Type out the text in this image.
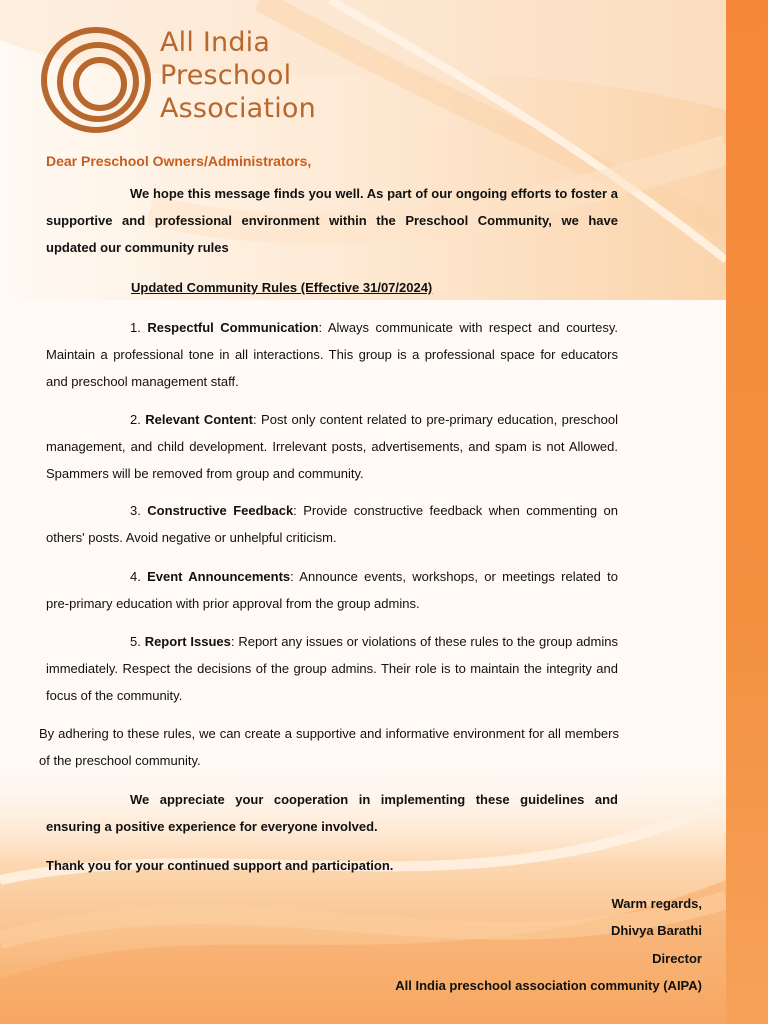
All India
Preschool
Association
Dear Preschool Owners/Administrators,
We hope this message finds you well. As part of our ongoing efforts to foster a supportive and professional environment within the Preschool Community, we have updated our community rules
Updated Community Rules (Effective 31/07/2024)
1. Respectful Communication: Always communicate with respect and courtesy. Maintain a professional tone in all interactions. This group is a professional space for educators and preschool management staff.
2. Relevant Content: Post only content related to pre-primary education, preschool management, and child development. Irrelevant posts, advertisements, and spam is not Allowed. Spammers will be removed from group and community.
3. Constructive Feedback: Provide constructive feedback when commenting on others' posts. Avoid negative or unhelpful criticism.
4. Event Announcements: Announce events, workshops, or meetings related to pre-primary education with prior approval from the group admins.
5. Report Issues: Report any issues or violations of these rules to the group admins immediately. Respect the decisions of the group admins. Their role is to maintain the integrity and focus of the community.
By adhering to these rules, we can create a supportive and informative environment for all members of the preschool community.
We appreciate your cooperation in implementing these guidelines and ensuring a positive experience for everyone involved.
Thank you for your continued support and participation.
Warm regards,
Dhivya Barathi
Director
All India preschool association community (AIPA)
